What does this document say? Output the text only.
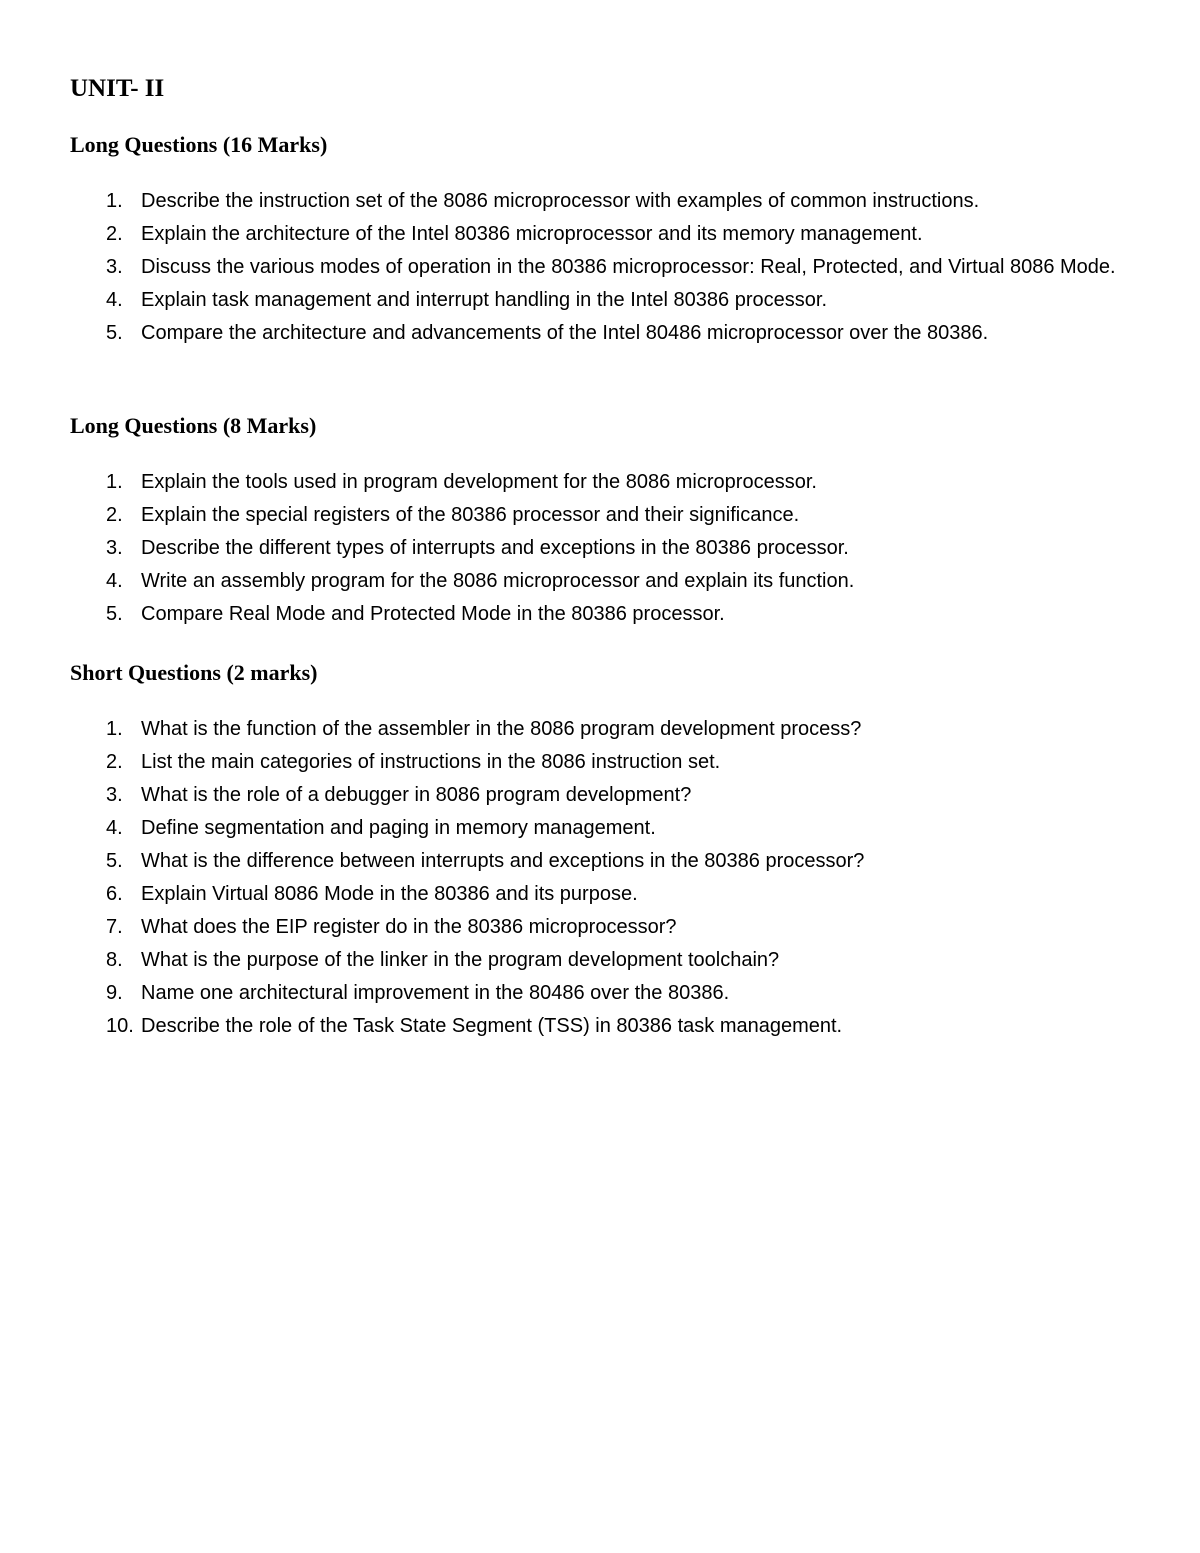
UNIT- II
Long Questions (16 Marks)
1. Describe the instruction set of the 8086 microprocessor with examples of common instructions.
2. Explain the architecture of the Intel 80386 microprocessor and its memory management.
3. Discuss the various modes of operation in the 80386 microprocessor: Real, Protected, and Virtual 8086 Mode.
4. Explain task management and interrupt handling in the Intel 80386 processor.
5. Compare the architecture and advancements of the Intel 80486 microprocessor over the 80386.
Long Questions (8 Marks)
1. Explain the tools used in program development for the 8086 microprocessor.
2. Explain the special registers of the 80386 processor and their significance.
3. Describe the different types of interrupts and exceptions in the 80386 processor.
4. Write an assembly program for the 8086 microprocessor and explain its function.
5. Compare Real Mode and Protected Mode in the 80386 processor.
Short Questions (2 marks)
1. What is the function of the assembler in the 8086 program development process?
2. List the main categories of instructions in the 8086 instruction set.
3. What is the role of a debugger in 8086 program development?
4. Define segmentation and paging in memory management.
5. What is the difference between interrupts and exceptions in the 80386 processor?
6. Explain Virtual 8086 Mode in the 80386 and its purpose.
7. What does the EIP register do in the 80386 microprocessor?
8. What is the purpose of the linker in the program development toolchain?
9. Name one architectural improvement in the 80486 over the 80386.
10. Describe the role of the Task State Segment (TSS) in 80386 task management.
